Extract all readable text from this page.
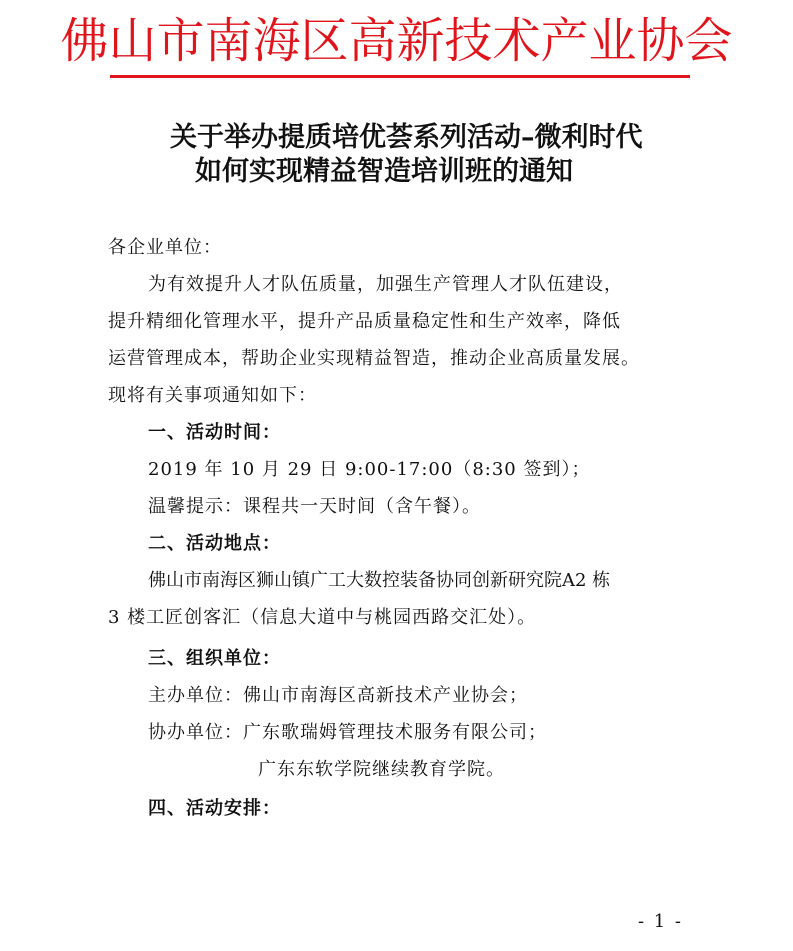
佛山市南海区高新技术产业协会
关于举办提质培优荟系列活动–微利时代
如何实现精益智造培训班的通知
各企业单位：
为有效提升人才队伍质量，加强生产管理人才队伍建设，
提升精细化管理水平，提升产品质量稳定性和生产效率，降低
运营管理成本，帮助企业实现精益智造，推动企业高质量发展。
现将有关事项通知如下：
一、活动时间：
2019 年 10 月 29 日 9:00-17:00（8:30 签到）；
温馨提示：课程共一天时间（含午餐）。
二、活动地点：
佛山市南海区狮山镇广工大数控装备协同创新研究院A2 栋
3 楼工匠创客汇（信息大道中与桃园西路交汇处）。
三、组织单位：
主办单位：佛山市南海区高新技术产业协会；
协办单位：广东歌瑞姆管理技术服务有限公司；
广东东软学院继续教育学院。
四、活动安排：
- 1 -
